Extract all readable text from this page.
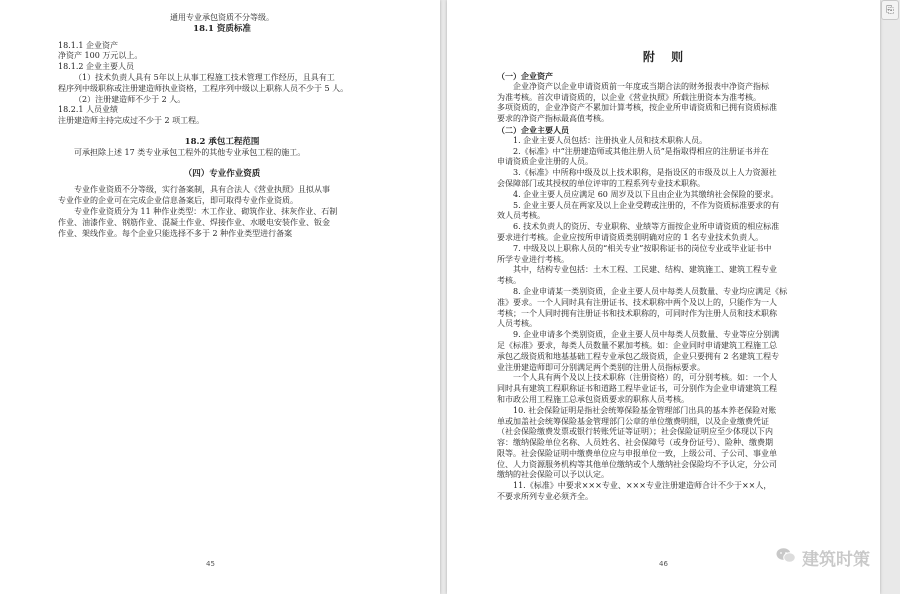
通用专业承包资质不分等级。

18.1 资质标准

18.1.1 企业资产

净资产 100 万元以上。

18.1.2 企业主要人员

（1）技术负责人具有 5年以上从事工程施工技术管理工作经历，且具有工

程序列中级职称或注册建造师执业资格，工程序列中级以上职称人员不少于 5 人。

（2）注册建造师不少于 2 人。

18.2.1 人员业绩

注册建造师主持完成过不少于 2 项工程。

18.2 承包工程范围

可承担除上述 17 类专业承包工程外的其他专业承包工程的施工。

（四）专业作业资质

专业作业资质不分等级，实行备案制，具有合法人《营业执照》且拟从事

专业作业的企业可在完成企业信息备案后，即可取得专业作业资质。

专业作业资质分为 11 种作业类型：木工作业、砌筑作业、抹灰作业、石制

作业、油漆作业、钢筋作业、混凝土作业、焊接作业、水暖电安装作业、钣金

作业、架线作业。每个企业只能选择不多于 2 种作业类型进行备案

45
附 则

（一）企业资产

企业净资产以企业申请资质前一年度或当期合法的财务报表中净资产指标

为准考核。首次申请资质的，以企业《营业执照》所载注册资本为准考核。

多项资质的，企业净资产不累加计算考核，按企业所申请资质和已拥有资质标准

要求的净资产指标最高值考核。

（二）企业主要人员

1. 企业主要人员包括：注册执业人员和技术职称人员。

2.《标准》中“注册建造师或其他注册人员”是指取得相应的注册证书并在

申请资质企业注册的人员。

3.《标准》中所称中级及以上技术职称，是指设区的市级及以上人力资源社

会保障部门或其授权的单位评审的工程系列专业技术职称。

4. 企业主要人员应满足 60 周岁及以下且由企业为其缴纳社会保险的要求。

5. 企业主要人员在两家及以上企业受聘或注册的，不作为资质标准要求的有

效人员考核。

6. 技术负责人的资历、专业职称、业绩等方面按企业所申请资质的相应标准

要求进行考核。企业应按所申请资质类别明确对应的 1 名专业技术负责人。

7. 中级及以上职称人员的“相关专业”按职称证书的岗位专业或毕业证书中

所学专业进行考核。

其中，结构专业包括：土木工程、工民建、结构、建筑施工、建筑工程专业

考核。

8. 企业申请某一类别资质，企业主要人员中每类人员数量、专业均应满足《标

准》要求。一个人同时具有注册证书、技术职称中两个及以上的，只能作为一人

考核；一个人同时拥有注册证书和技术职称的，可同时作为注册人员和技术职称

人员考核。

9. 企业申请多个类别资质，企业主要人员中每类人员数量、专业等应分别满

足《标准》要求，每类人员数量不累加考核。如：企业同时申请建筑工程施工总

承包乙级资质和地基基础工程专业承包乙级资质，企业只要拥有 2 名建筑工程专

业注册建造师即可分别满足两个类别的注册人员指标要求。

一个人具有两个及以上技术职称（注册资格）的，可分别考核。如：一个人

同时具有建筑工程职称证书和道路工程毕业证书，可分别作为企业申请建筑工程

和市政公用工程施工总承包资质要求的职称人员考核。

10. 社会保险证明是指社会统筹保险基金管理部门出具的基本养老保险对账

单或加盖社会统筹保险基金管理部门公章的单位缴费明细，以及企业缴费凭证

（社会保险缴费发票或银行转账凭证等证明）；社会保险证明应至少体现以下内

容：缴纳保险单位名称、人员姓名、社会保障号（或身份证号）、险种、缴费期

限等。社会保险证明中缴费单位应与申报单位一致，上级公司、子公司、事业单

位、人力资源服务机构等其他单位缴纳或个人缴纳社会保险均不予认定，分公司

缴纳的社会保险可以予以认定。

11.《标准》中要求×××专业、×××专业注册建造师合计不少于××人，

不要求所列专业必须齐全。

46
⎘
建筑时策
